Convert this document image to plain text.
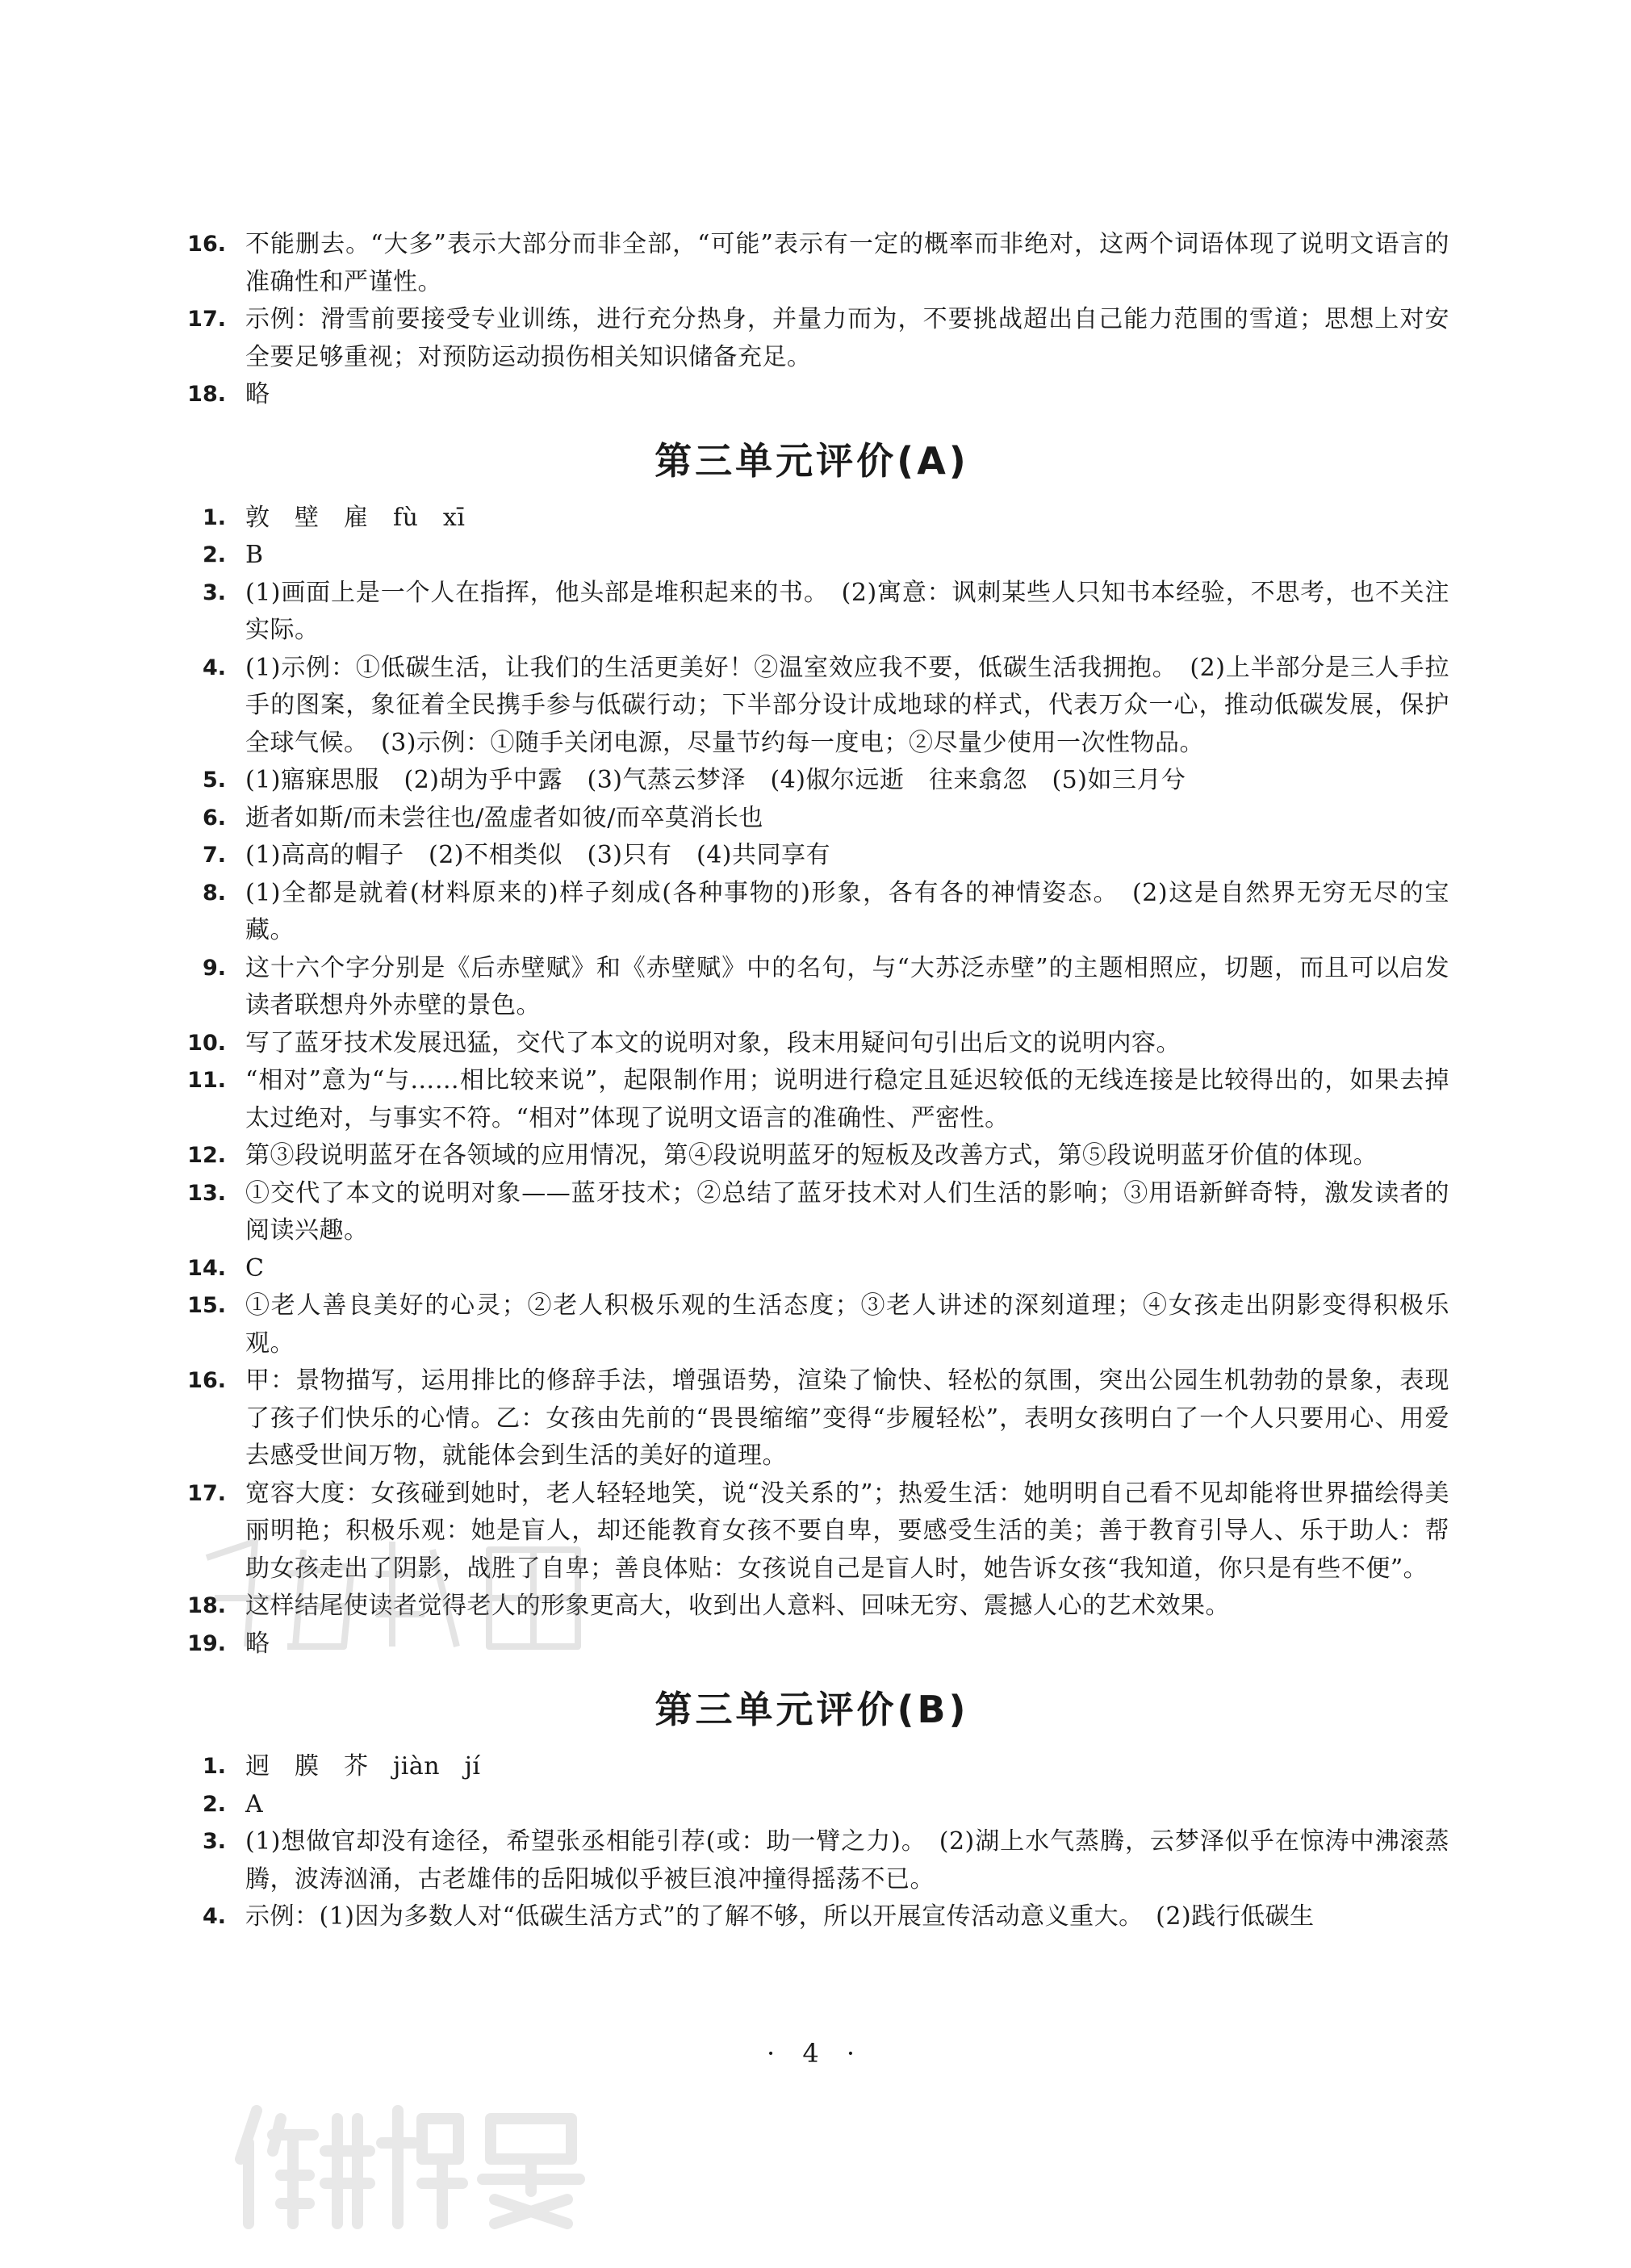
16. 不能删去。“大多”表示大部分而非全部，“可能”表示有一定的概率而非绝对，这两个词语体现了说明文语言的准确性和严谨性。
17. 示例：滑雪前要接受专业训练，进行充分热身，并量力而为，不要挑战超出自己能力范围的雪道；思想上对安全要足够重视；对预防运动损伤相关知识储备充足。
18. 略
第三单元评价(A)
1. 敦　壁　雇　fù　xī
2. B
3. (1)画面上是一个人在指挥，他头部是堆积起来的书。　(2)寓意：讽刺某些人只知书本经验，不思考，也不关注实际。
4. (1)示例：①低碳生活，让我们的生活更美好！②温室效应我不要，低碳生活我拥抱。　(2)上半部分是三人手拉手的图案，象征着全民携手参与低碳行动；下半部分设计成地球的样式，代表万众一心，推动低碳发展，保护全球气候。　(3)示例：①随手关闭电源，尽量节约每一度电；②尽量少使用一次性物品。
5. (1)寤寐思服　(2)胡为乎中露　(3)气蒸云梦泽　(4)俶尔远逝　往来翕忽　(5)如三月兮
6. 逝者如斯/而未尝往也/盈虚者如彼/而卒莫消长也
7. (1)高高的帽子　(2)不相类似　(3)只有　(4)共同享有
8. (1)全都是就着(材料原来的)样子刻成(各种事物的)形象，各有各的神情姿态。　(2)这是自然界无穷无尽的宝藏。
9. 这十六个字分别是《后赤壁赋》和《赤壁赋》中的名句，与“大苏泛赤壁”的主题相照应，切题，而且可以启发读者联想舟外赤壁的景色。
10. 写了蓝牙技术发展迅猛，交代了本文的说明对象，段末用疑问句引出后文的说明内容。
11. “相对”意为“与……相比较来说”，起限制作用；说明进行稳定且延迟较低的无线连接是比较得出的，如果去掉太过绝对，与事实不符。“相对”体现了说明文语言的准确性、严密性。
12. 第③段说明蓝牙在各领域的应用情况，第④段说明蓝牙的短板及改善方式，第⑤段说明蓝牙价值的体现。
13. ①交代了本文的说明对象——蓝牙技术；②总结了蓝牙技术对人们生活的影响；③用语新鲜奇特，激发读者的阅读兴趣。
14. C
15. ①老人善良美好的心灵；②老人积极乐观的生活态度；③老人讲述的深刻道理；④女孩走出阴影变得积极乐观。
16. 甲：景物描写，运用排比的修辞手法，增强语势，渲染了愉快、轻松的氛围，突出公园生机勃勃的景象，表现了孩子们快乐的心情。乙：女孩由先前的“畏畏缩缩”变得“步履轻松”，表明女孩明白了一个人只要用心、用爱去感受世间万物，就能体会到生活的美好的道理。
17. 宽容大度：女孩碰到她时，老人轻轻地笑，说“没关系的”；热爱生活：她明明自己看不见却能将世界描绘得美丽明艳；积极乐观：她是盲人，却还能教育女孩不要自卑，要感受生活的美；善于教育引导人、乐于助人：帮助女孩走出了阴影，战胜了自卑；善良体贴：女孩说自己是盲人时，她告诉女孩“我知道，你只是有些不便”。
18. 这样结尾使读者觉得老人的形象更高大，收到出人意料、回味无穷、震撼人心的艺术效果。
19. 略
第三单元评价(B)
1. 迥　膜　芥　jiàn　jí
2. A
3. (1)想做官却没有途径，希望张丞相能引荐(或：助一臂之力)。　(2)湖上水气蒸腾，云梦泽似乎在惊涛中沸滚蒸腾，波涛汹涌，古老雄伟的岳阳城似乎被巨浪冲撞得摇荡不已。
4. 示例：(1)因为多数人对“低碳生活方式”的了解不够，所以开展宣传活动意义重大。　(2)践行低碳生
· 4 ·
